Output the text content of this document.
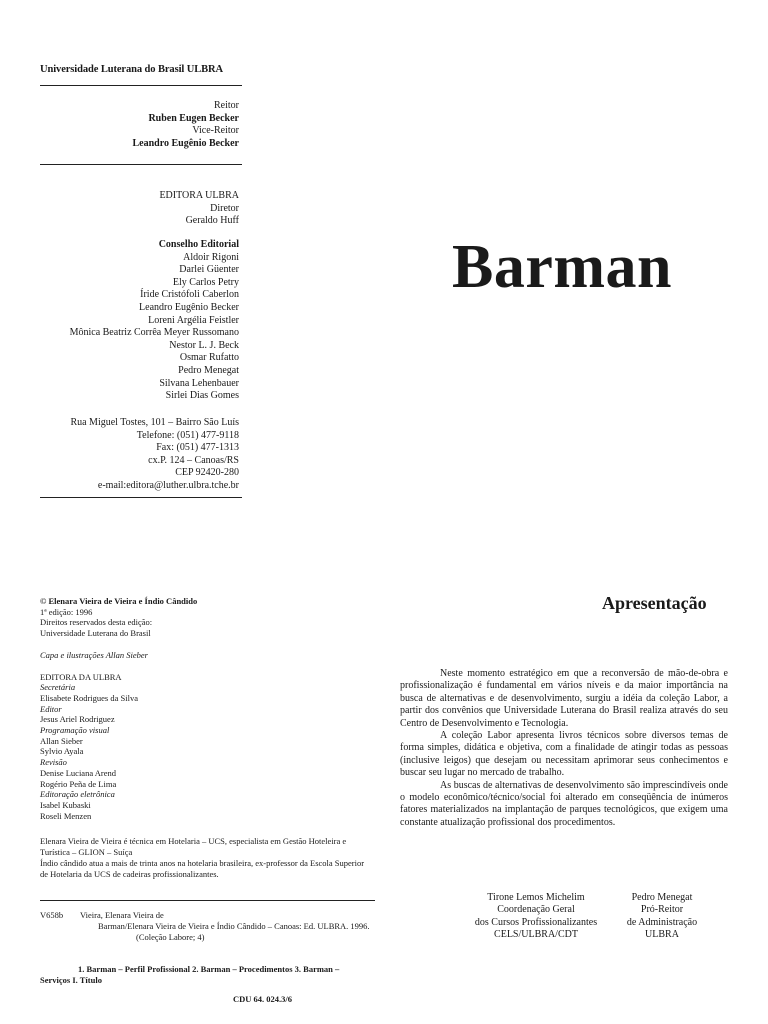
Universidade Luterana do Brasil ULBRA
Reitor
Ruben Eugen Becker
Vice-Reitor
Leandro Eugênio Becker
EDITORA ULBRA
Diretor
Geraldo Huff
Conselho Editorial
Aldoir Rigoni
Darlei Güenter
Ely Carlos Petry
Íride Cristófoli Caberlon
Leandro Eugênio Becker
Loreni Argélia Feistler
Mônica Beatriz Corrêa Meyer Russomano
Nestor L. J. Beck
Osmar Rufatto
Pedro Menegat
Silvana Lehenbauer
Sirlei Dias Gomes
Rua Miguel Tostes, 101 – Bairro São Luís
Telefone: (051) 477-9118
Fax: (051) 477-1313
cx.P. 124 – Canoas/RS
CEP 92420-280
e-mail:editora@luther.ulbra.tche.br
Barman
© Elenara Vieira de Vieira e Índio Cândido
1ª edição: 1996
Direitos reservados desta edição:
Universidade Luterana do Brasil
Capa e ilustrações Allan Sieber
EDITORA DA ULBRA
Secretária
Elisabete Rodrigues da Silva
Editor
Jesus Ariel Rodriguez
Programação visual
Allan Sieber
Sylvio Ayala
Revisão
Denise Luciana Arend
Rogério Peña de Lima
Editoração eletrônica
Isabel Kubaski
Roseli Menzen
Elenara Vieira de Vieira é técnica em Hotelaria – UCS, especialista em Gestão Hoteleira e Turística – GLION – Suíça
Índio cândido atua a mais de trinta anos na hotelaria brasileira, ex-professor da Escola Superior de Hotelaria da UCS de cadeiras profissionalizantes.
V658b Vieira, Elenara Vieira de
Barman/Elenara Vieira de Vieira e Índio Cândido – Canoas: Ed. ULBRA. 1996.
(Coleção Labore; 4)
1. Barman – Perfil Profissional 2. Barman – Procedimentos 3. Barman – Serviços I. Título
CDU 64. 024.3/6
Apresentação

Neste momento estratégico em que a reconversão de mão-de-obra e profissionalização é fundamental em vários níveis e da maior importância na busca de alternativas e de desenvolvimento, surgiu a idéia da coleção Labor, a partir dos convênios que Universidade Luterana do Brasil realiza através do seu Centro de Desenvolvimento e Tecnologia.

A coleção Labor apresenta livros técnicos sobre diversos temas de forma simples, didática e objetiva, com a finalidade de atingir todas as pessoas (inclusive leigos) que desejam ou necessitam aprimorar seus conhecimentos e buscar seu lugar no mercado de trabalho.

As buscas de alternativas de desenvolvimento são imprescindíveis onde o modelo econômico/técnico/social foi alterado em conseqüência de inúmeros fatores materializados na implantação de parques tecnológicos, que exigem uma constante atualização profissional dos procedimentos.

Tirone Lemos Michelim
Coordenação Geral
dos Cursos Profissionalizantes
CELS/ULBRA/CDT
Pedro Menegat
Pró-Reitor
de Administração
ULBRA
